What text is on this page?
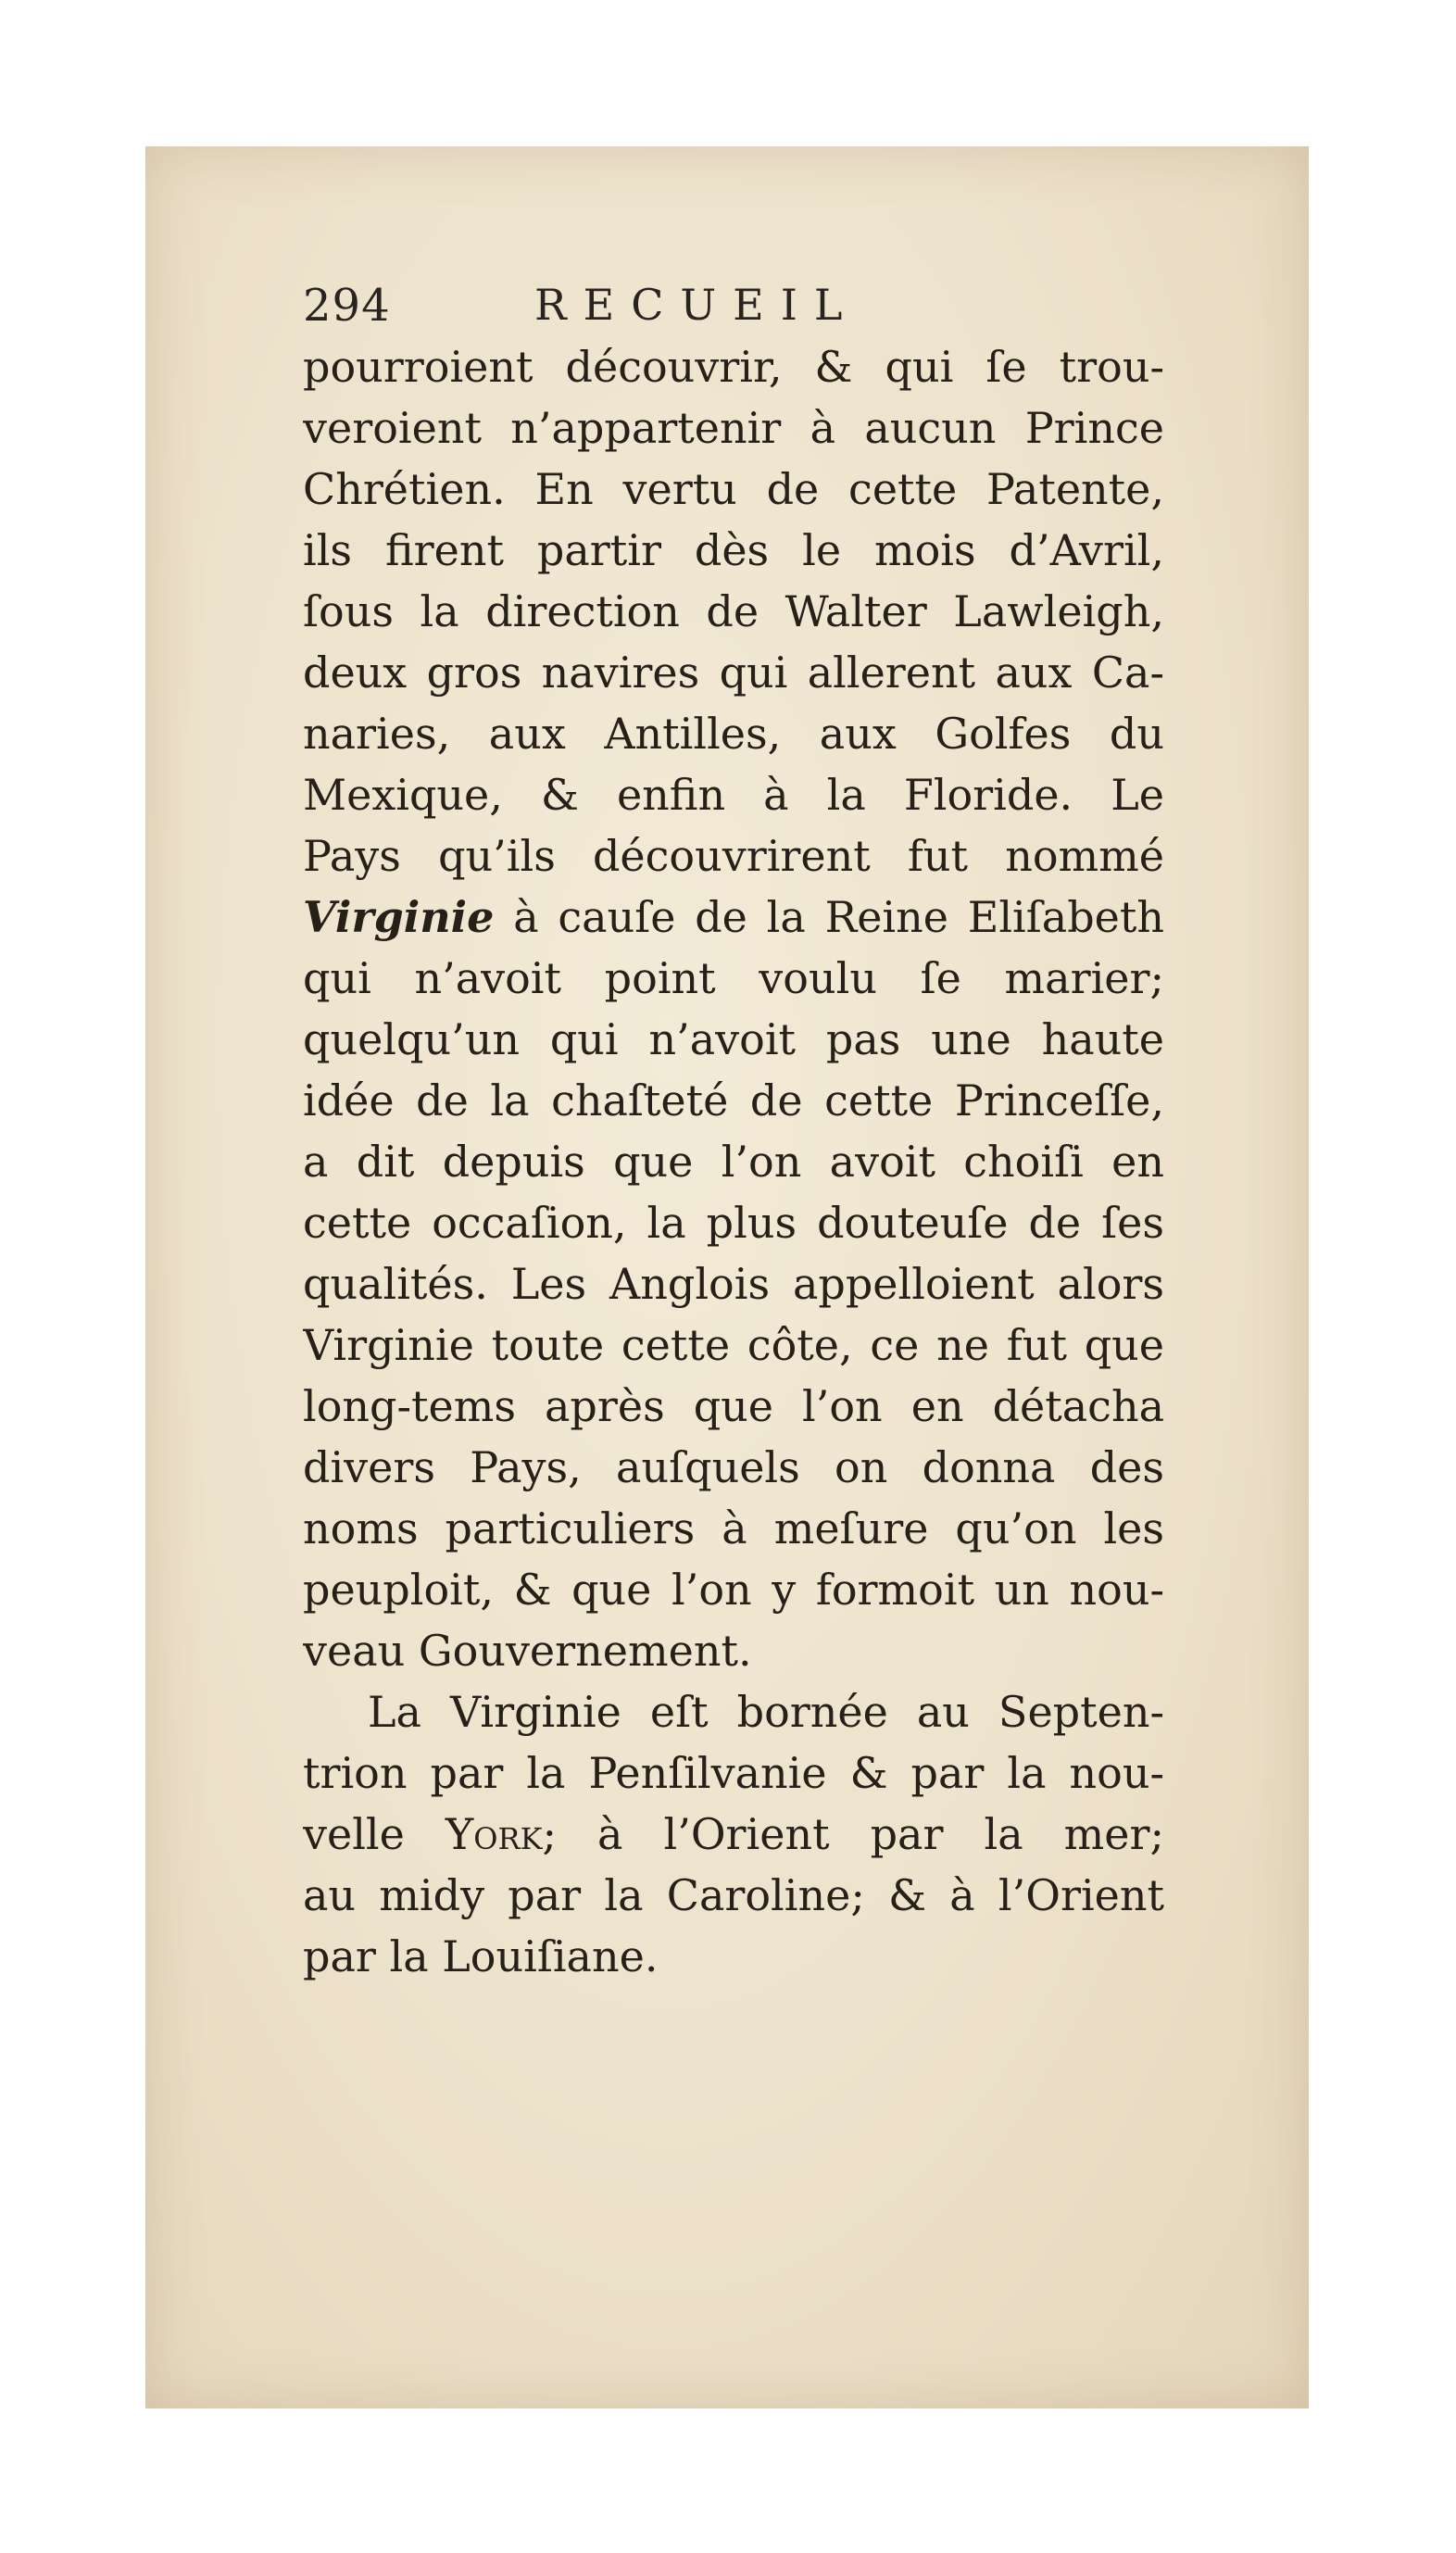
294	RECUEIL
pourroient découvrir, & qui ſe trou-
veroient n’appartenir à aucun Prince
Chrétien. En vertu de cette Patente,
ils firent partir dès le mois d’Avril,
ſous la direction de Walter Lawleigh,
deux gros navires qui allerent aux Ca-
naries, aux Antilles, aux Golfes du
Mexique, & enfin à la Floride. Le
Pays qu’ils découvrirent fut nommé
Virginie à cauſe de la Reine Eliſabeth
qui n’avoit point voulu ſe marier;
quelqu’un qui n’avoit pas une haute
idée de la chaſteté de cette Princeſſe,
a dit depuis que l’on avoit choiſi en
cette occaſion, la plus douteuſe de ſes
qualités. Les Anglois appelloient alors
Virginie toute cette côte, ce ne fut que
long-tems après que l’on en détacha
divers Pays, auſquels on donna des
noms particuliers à meſure qu’on les
peuploit, & que l’on y formoit un nou-
veau Gouvernement.
La Virginie eſt bornée au Septen-
trion par la Penſilvanie & par la nou-
velle York; à l’Orient par la mer;
au midy par la Caroline; & à l’Orient
par la Louiſiane.
